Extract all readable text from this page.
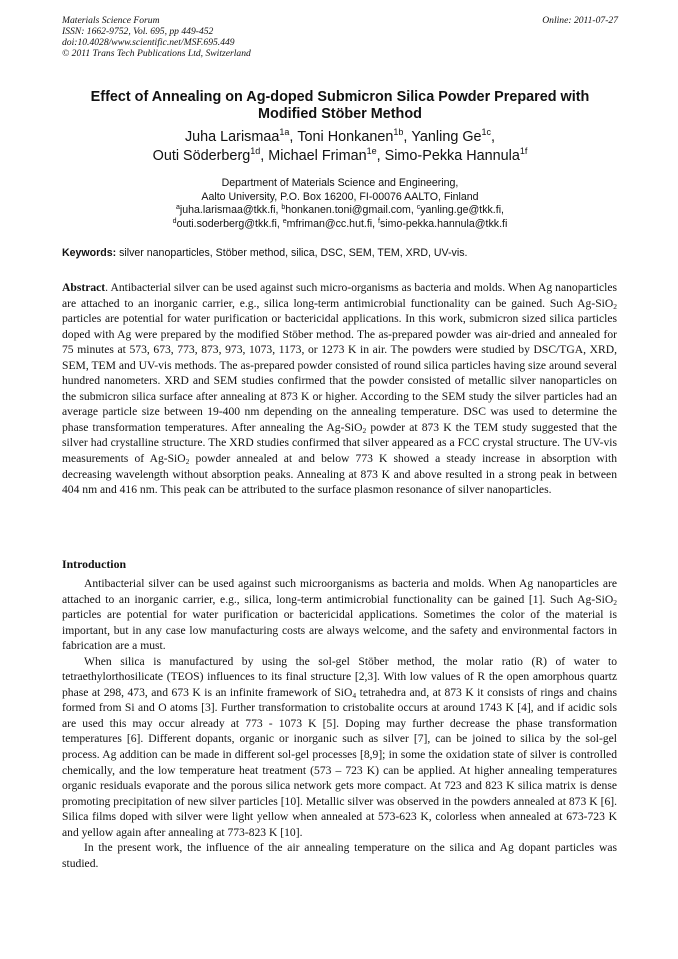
Materials Science Forum
ISSN: 1662-9752, Vol. 695, pp 449-452
doi:10.4028/www.scientific.net/MSF.695.449
© 2011 Trans Tech Publications Ltd, Switzerland
Online: 2011-07-27
Effect of Annealing on Ag-doped Submicron Silica Powder Prepared with Modified Stöber Method
Juha Larismaa$^{1a}$, Toni Honkanen$^{1b}$, Yanling $Ge^{1c}$,
Outi Söderberg$^{1d}$, Michael Friman$^{1e}$, Simo-Pekka Hannula$^{1f}$
Department of Materials Science and Engineering,
Aalto University, P.O. Box 16200, FI-00076 AALTO, Finland
$^a$juha.larismaa@tkk.fi, $^b$honkanen.toni@gmail.com, $^c$yanling.ge@tkk.fi,
$^d$outi.soderberg@tkk.fi, $^e$mfriman@cc.hut.fi, $^f$simo-pekka.hannula@tkk.fi
Keywords: silver nanoparticles, Stöber method, silica, DSC, SEM, TEM, XRD, UV-vis.

Abstract. Antibacterial silver can be used against such micro-organisms as bacteria and molds. When Ag nanoparticles are attached to an inorganic carrier, e.g., silica long-term antimicrobial functionality can be gained. Such Ag-SiO$_2$ particles are potential for water purification or bactericidal applications. In this work, submicron sized silica particles doped with Ag were prepared by the modified Stöber method. The as-prepared powder was air-dried and annealed for 75 minutes at 573, 673, 773, 873, 973, 1073, 1173, or 1273 K in air. The powders were studied by DSC/TGA, XRD, SEM, TEM and UV-vis methods. The as-prepared powder consisted of round silica particles having size around several hundred nanometers. XRD and SEM studies confirmed that the powder consisted of metallic silver nanoparticles on the submicron silica surface after annealing at 873 K or higher. According to the SEM study the silver particles had an average particle size between 19-400 nm depending on the annealing temperature. DSC was used to determine the phase transformation temperatures. After annealing the Ag-SiO$_2$ powder at 873 K the TEM study suggested that the silver had crystalline structure. The XRD studies confirmed that silver appeared as a FCC crystal structure. The UV-vis measurements of Ag-SiO$_2$ powder annealed at and below 773 K showed a steady increase in absorption with decreasing wavelength without absorption peaks. Annealing at 873 K and above resulted in a strong peak in between 404 nm and 416 nm. This peak can be attributed to the surface plasmon resonance of silver nanoparticles.

Introduction

Antibacterial silver can be used against such microorganisms as bacteria and molds. When Ag nanoparticles are attached to an inorganic carrier, e.g., silica, long-term antimicrobial functionality can be gained [1]. Such Ag-SiO$_2$ particles are potential for water purification or bactericidal applications. Sometimes the color of the material is important, but in any case low manufacturing costs are always welcome, and the safety and environmental factors in fabrication are a must.

When silica is manufactured by using the sol-gel Stöber method, the molar ratio (R) of water to tetraethylorthosilicate (TEOS) influences to its final structure [2,3]. With low values of R the open amorphous quartz phase at 298, 473, and 673 K is an infinite framework of SiO$_4$ tetrahedra and, at 873 K it consists of rings and chains formed from Si and O atoms [3]. Further transformation to cristobalite occurs at around 1743 K [4], and if acidic sols are used this may occur already at 773 - 1073 K [5]. Doping may further decrease the phase transformation temperatures [6]. Different dopants, organic or inorganic such as silver [7], can be joined to silica by the sol-gel process. Ag addition can be made in different sol-gel processes [8,9]; in some the oxidation state of silver is controlled chemically, and the low temperature heat treatment (573 – 723 K) can be applied. At higher annealing temperatures organic residuals evaporate and the porous silica network gets more compact. At 723 and 823 K silica matrix is dense promoting precipitation of new silver particles [10]. Metallic silver was observed in the powders annealed at 873 K [6]. Silica films doped with silver were light yellow when annealed at 573-623 K, colorless when annealed at 673-723 K and yellow again after annealing at 773-823 K [10].

In the present work, the influence of the air annealing temperature on the silica and Ag dopant particles was studied.
